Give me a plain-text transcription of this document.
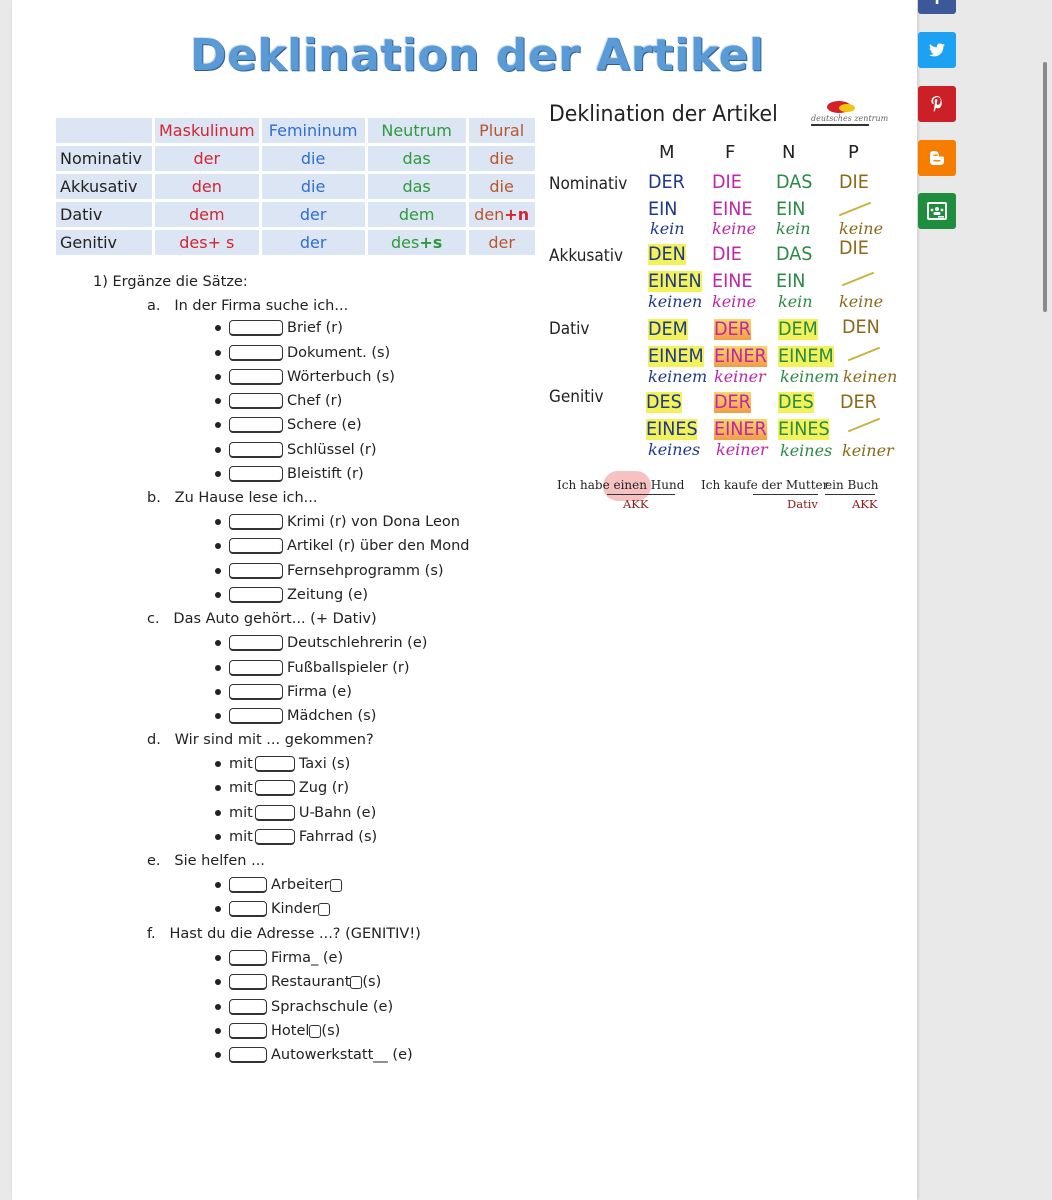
Deklination der Artikel
	Maskulinum	Femininum	Neutrum	Plural
Nominativ	der	die	das	die
Akkusativ	den	die	das	die
Dativ	dem	der	dem	den+n
Genitiv	des+ s	der	des+s	der
1) Ergänze die Sätze:
a. In der Firma suche ich...
Brief (r)
Dokument. (s)
Wörterbuch (s)
Chef (r)
Schere (e)
Schlüssel (r)
Bleistift (r)
b. Zu Hause lese ich...
Krimi (r) von Dona Leon
Artikel (r) über den Mond
Fernsehprogramm (s)
Zeitung (e)
c. Das Auto gehört... (+ Dativ)
Deutschlehrerin (e)
Fußballspieler (r)
Firma (e)
Mädchen (s)
d. Wir sind mit ... gekommen?
mit	Taxi (s)
mit	Zug (r)
mit	U-Bahn (e)
mit	Fahrrad (s)
e. Sie helfen ...
Arbeiter
Kinder
f. Hast du die Adresse ...? (GENITIV!)
Firma_ (e)
Restaurant (s)
Sprachschule (e)
Hotel (s)
Autowerkstatt__ (e)
Deklination der Artikel	deutsches zentrum
M	F	N	P
Nominativ DER DIE DAS DIE
EIN EINE EIN
kein keine kein keine
Akkusativ DEN DIE DAS DIE
EINEN EINE EIN
keinen keine kein keine
Dativ	DEM DER DEM DEN
EINEM EINER EINEM
keinem keiner keinem keinen
Genitiv DES DER DES DER
EINES EINER EINES
keines keiner keines keiner
Ich habe einen Hund Ich kaufe der Mutter
ein Buch
AKK	Dativ	AKK
